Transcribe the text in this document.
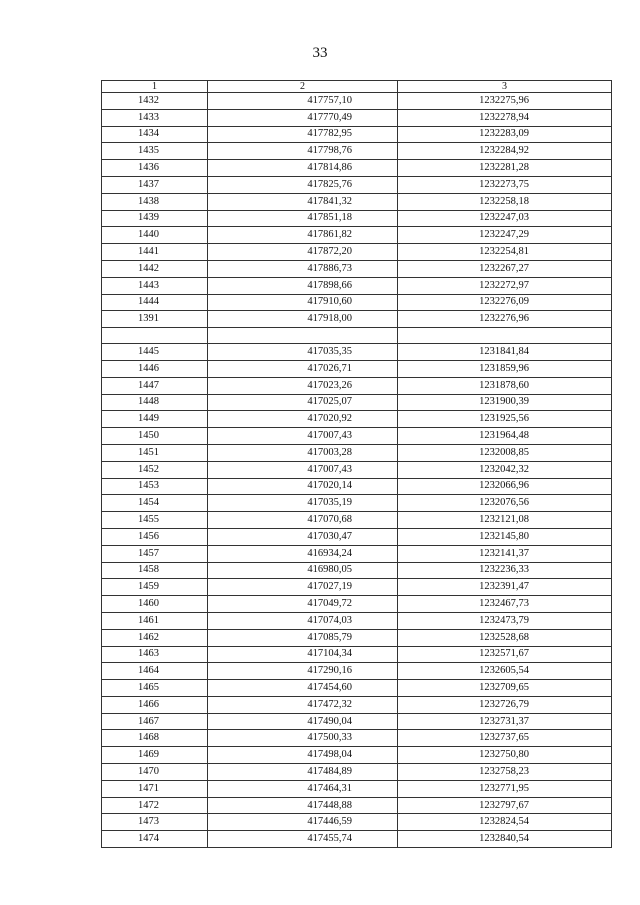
33
1	2	3
1432	417757,10	1232275,96
1433	417770,49	1232278,94
1434	417782,95	1232283,09
1435	417798,76	1232284,92
1436	417814,86	1232281,28
1437	417825,76	1232273,75
1438	417841,32	1232258,18
1439	417851,18	1232247,03
1440	417861,82	1232247,29
1441	417872,20	1232254,81
1442	417886,73	1232267,27
1443	417898,66	1232272,97
1444	417910,60	1232276,09
1391	417918,00	1232276,96

1445	417035,35	1231841,84
1446	417026,71	1231859,96
1447	417023,26	1231878,60
1448	417025,07	1231900,39
1449	417020,92	1231925,56
1450	417007,43	1231964,48
1451	417003,28	1232008,85
1452	417007,43	1232042,32
1453	417020,14	1232066,96
1454	417035,19	1232076,56
1455	417070,68	1232121,08
1456	417030,47	1232145,80
1457	416934,24	1232141,37
1458	416980,05	1232236,33
1459	417027,19	1232391,47
1460	417049,72	1232467,73
1461	417074,03	1232473,79
1462	417085,79	1232528,68
1463	417104,34	1232571,67
1464	417290,16	1232605,54
1465	417454,60	1232709,65
1466	417472,32	1232726,79
1467	417490,04	1232731,37
1468	417500,33	1232737,65
1469	417498,04	1232750,80
1470	417484,89	1232758,23
1471	417464,31	1232771,95
1472	417448,88	1232797,67
1473	417446,59	1232824,54
1474	417455,74	1232840,54
